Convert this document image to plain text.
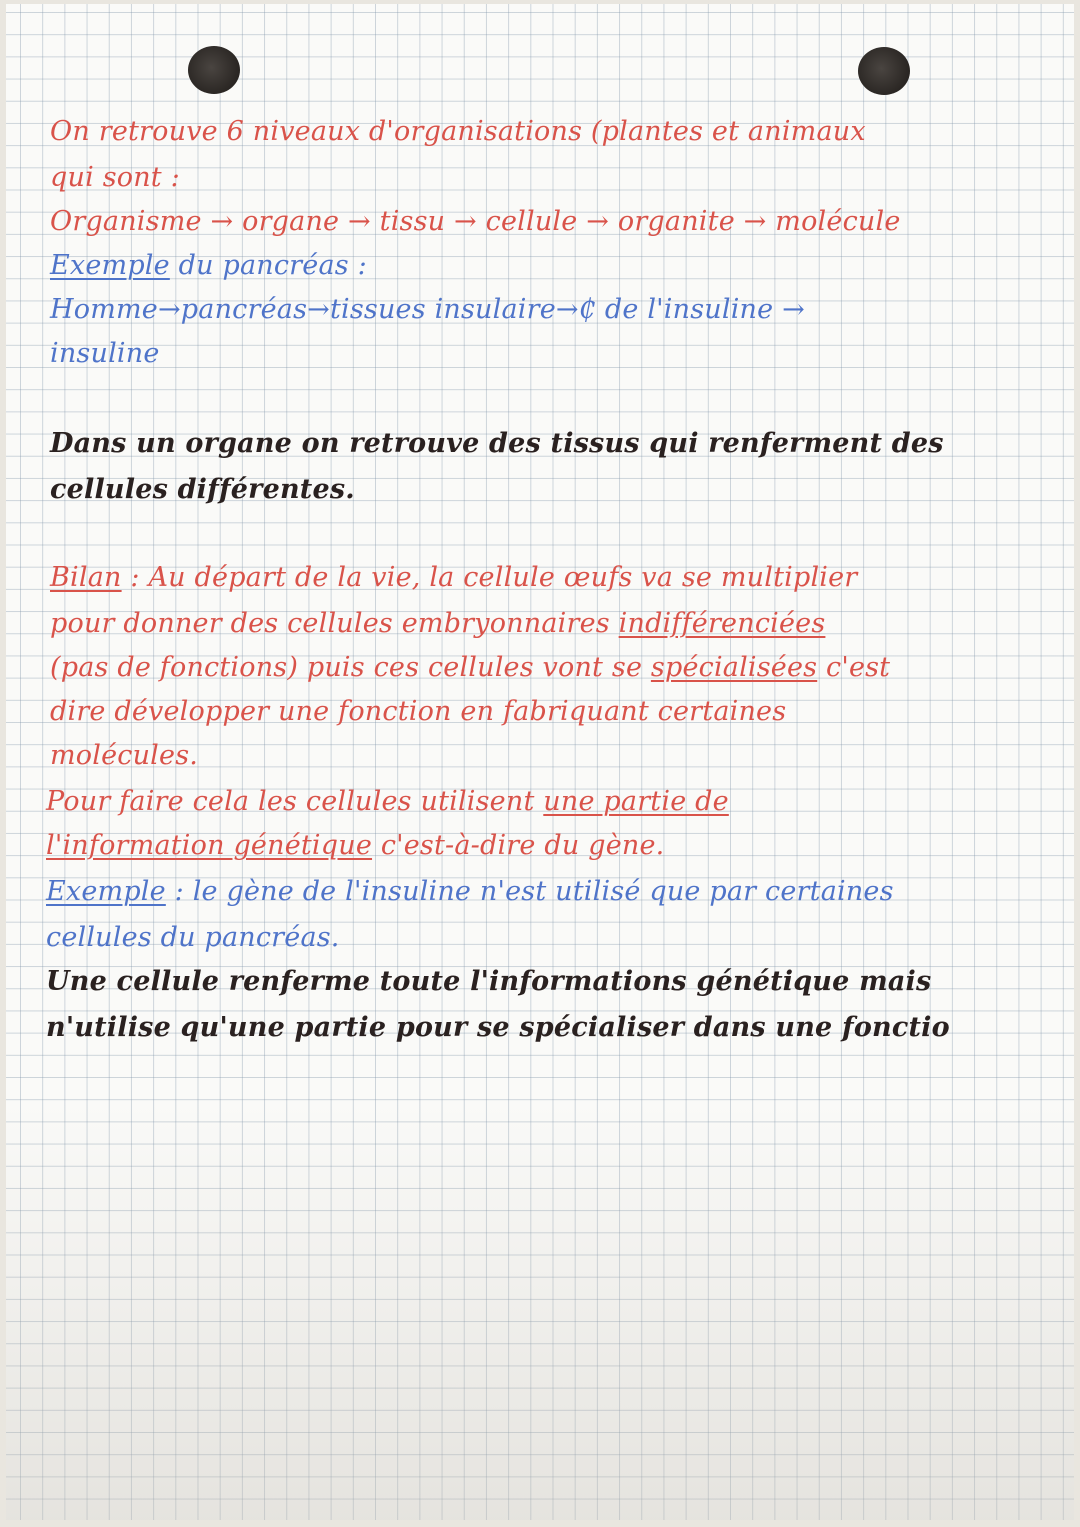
On retrouve 6 niveaux d'organisations (plantes et animaux
qui sont :
Organisme → organe → tissu → cellule → organite → molécule
Exemple du pancréas :
Homme→pancréas→tissues insulaire→₵ de l'insuline →
insuline
Dans un organe on retrouve des tissus qui renferment des
cellules différentes.
Bilan : Au départ de la vie, la cellule œufs va se multiplier
pour donner des cellules embryonnaires indifférenciées
(pas de fonctions) puis ces cellules vont se spécialisées c'est
dire développer une fonction en fabriquant certaines
molécules.
Pour faire cela les cellules utilisent une partie de
l'information génétique c'est-à-dire du gène.
Exemple : le gène de l'insuline n'est utilisé que par certaines
cellules du pancréas.
Une cellule renferme toute l'informations génétique mais
n'utilise qu'une partie pour se spécialiser dans une fonctio
